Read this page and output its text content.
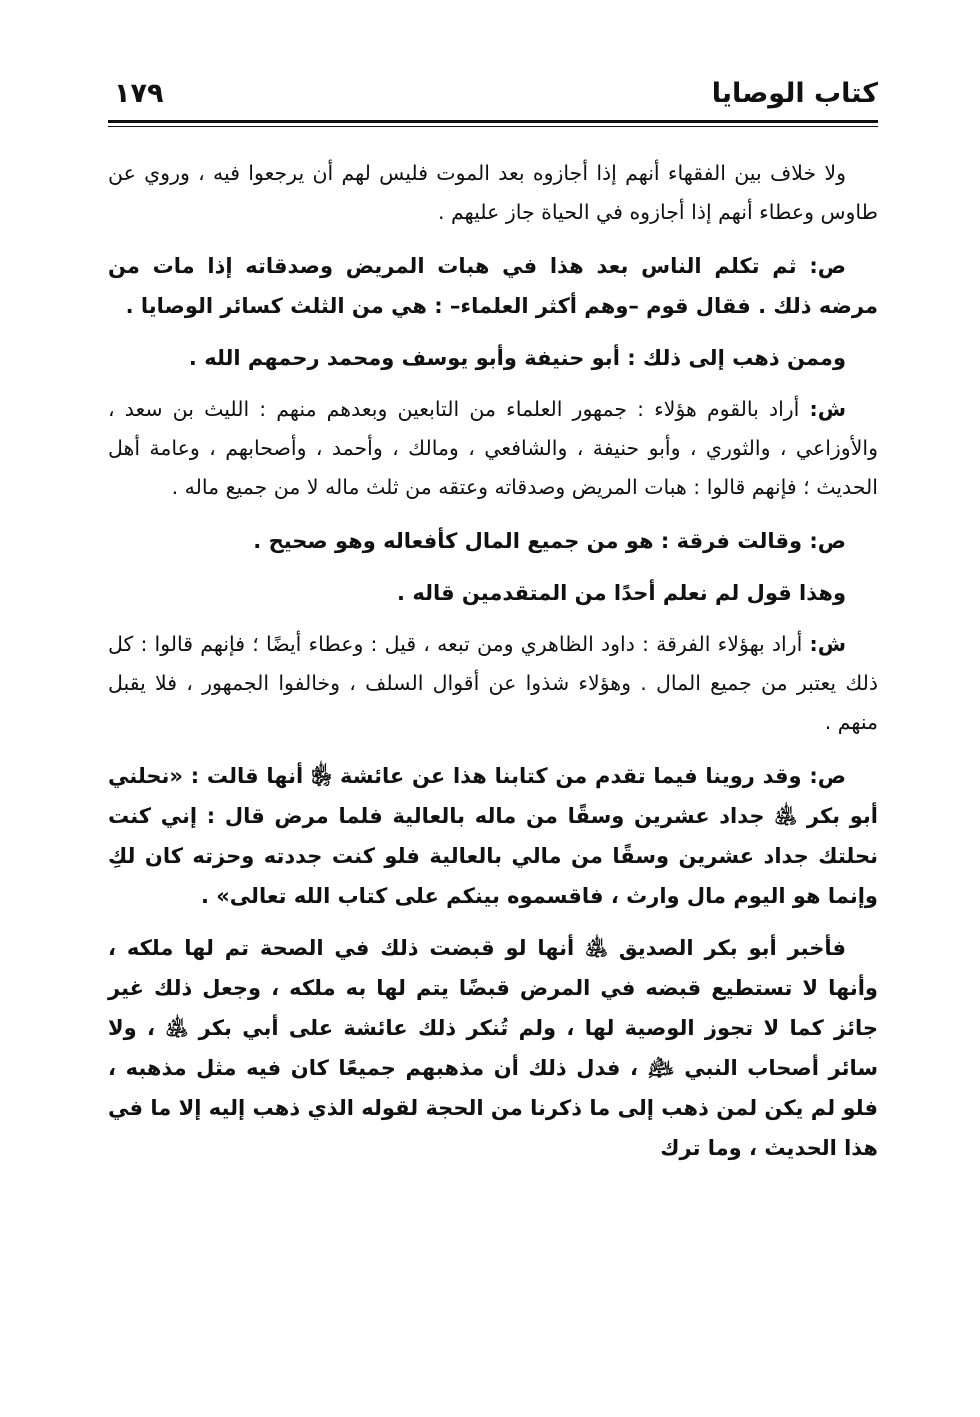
كتاب الوصايا
١٧٩

ولا خلاف بين الفقهاء أنهم إذا أجازوه بعد الموت فليس لهم أن يرجعوا فيه ، وروي عن طاوس وعطاء أنهم إذا أجازوه في الحياة جاز عليهم .

ص: ثم تكلم الناس بعد هذا في هبات المريض وصدقاته إذا مات من مرضه ذلك . فقال قوم –وهم أكثر العلماء– : هي من الثلث كسائر الوصايا .

وممن ذهب إلى ذلك : أبو حنيفة وأبو يوسف ومحمد رحمهم الله .

ش: أراد بالقوم هؤلاء : جمهور العلماء من التابعين وبعدهم منهم : الليث بن سعد ، والأوزاعي ، والثوري ، وأبو حنيفة ، والشافعي ، ومالك ، وأحمد ، وأصحابهم ، وعامة أهل الحديث ؛ فإنهم قالوا : هبات المريض وصدقاته وعتقه من ثلث ماله لا من جميع ماله .

ص: وقالت فرقة : هو من جميع المال كأفعاله وهو صحيح .

وهذا قول لم نعلم أحدًا من المتقدمين قاله .

ش: أراد بهؤلاء الفرقة : داود الظاهري ومن تبعه ، قيل : وعطاء أيضًا ؛ فإنهم قالوا : كل ذلك يعتبر من جميع المال . وهؤلاء شذوا عن أقوال السلف ، وخالفوا الجمهور ، فلا يقبل منهم .

ص: وقد روينا فيما تقدم من كتابنا هذا عن عائشة ﵂ أنها قالت : «نحلني أبو بكر ﵁ جداد عشرين وسقًا من ماله بالعالية فلما مرض قال : إني كنت نحلتك جداد عشرين وسقًا من مالي بالعالية فلو كنت جددته وحزته كان لكِ وإنما هو اليوم مال وارث ، فاقسموه بينكم على كتاب الله تعالى» .

فأخبر أبو بكر الصديق ﵁ أنها لو قبضت ذلك في الصحة تم لها ملكه ، وأنها لا تستطيع قبضه في المرض قبضًا يتم لها به ملكه ، وجعل ذلك غير جائز كما لا تجوز الوصية لها ، ولم تُنكر ذلك عائشة على أبي بكر ﵁ ، ولا سائر أصحاب النبي ﵇ ، فدل ذلك أن مذهبهم جميعًا كان فيه مثل مذهبه ، فلو لم يكن لمن ذهب إلى ما ذكرنا من الحجة لقوله الذي ذهب إليه إلا ما في هذا الحديث ، وما ترك
